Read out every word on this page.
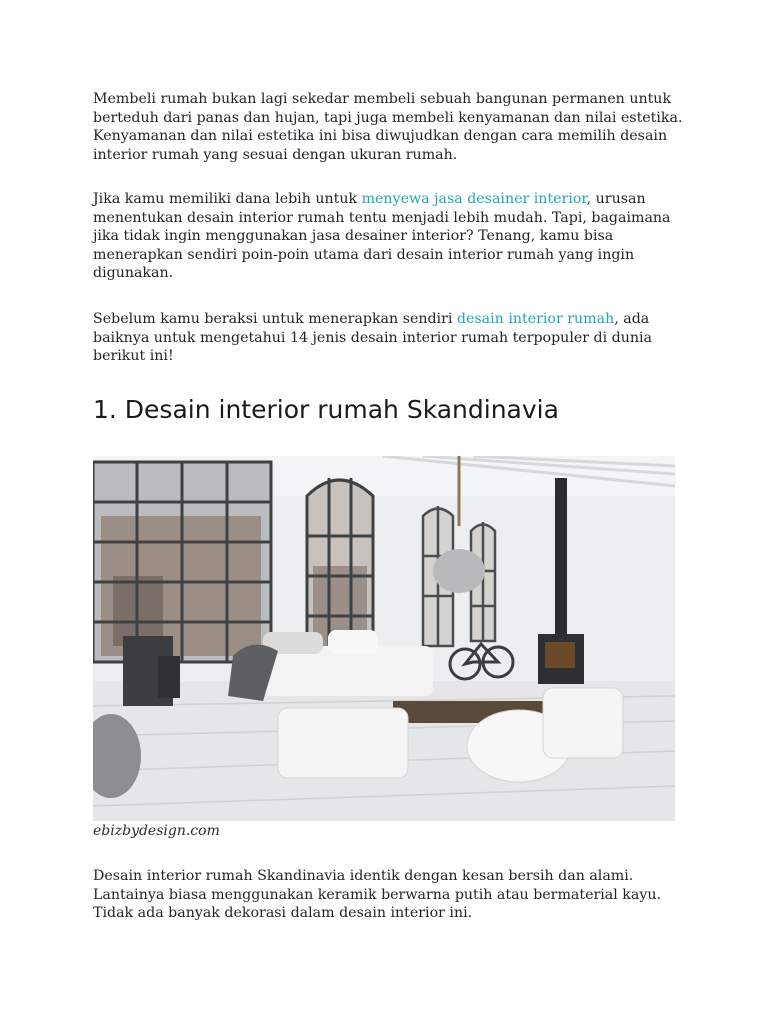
Membeli rumah bukan lagi sekedar membeli sebuah bangunan permanen untuk berteduh dari panas dan hujan, tapi juga membeli kenyamanan dan nilai estetika. Kenyamanan dan nilai estetika ini bisa diwujudkan dengan cara memilih desain interior rumah yang sesuai dengan ukuran rumah.

Jika kamu memiliki dana lebih untuk menyewa jasa desainer interior, urusan menentukan desain interior rumah tentu menjadi lebih mudah. Tapi, bagaimana jika tidak ingin menggunakan jasa desainer interior? Tenang, kamu bisa menerapkan sendiri poin-poin utama dari desain interior rumah yang ingin digunakan.

Sebelum kamu beraksi untuk menerapkan sendiri desain interior rumah, ada baiknya untuk mengetahui 14 jenis desain interior rumah terpopuler di dunia berikut ini!

1. Desain interior rumah Skandinavia

ebizbydesign.com

Desain interior rumah Skandinavia identik dengan kesan bersih dan alami. Lantainya biasa menggunakan keramik berwarna putih atau bermaterial kayu. Tidak ada banyak dekorasi dalam desain interior ini.
